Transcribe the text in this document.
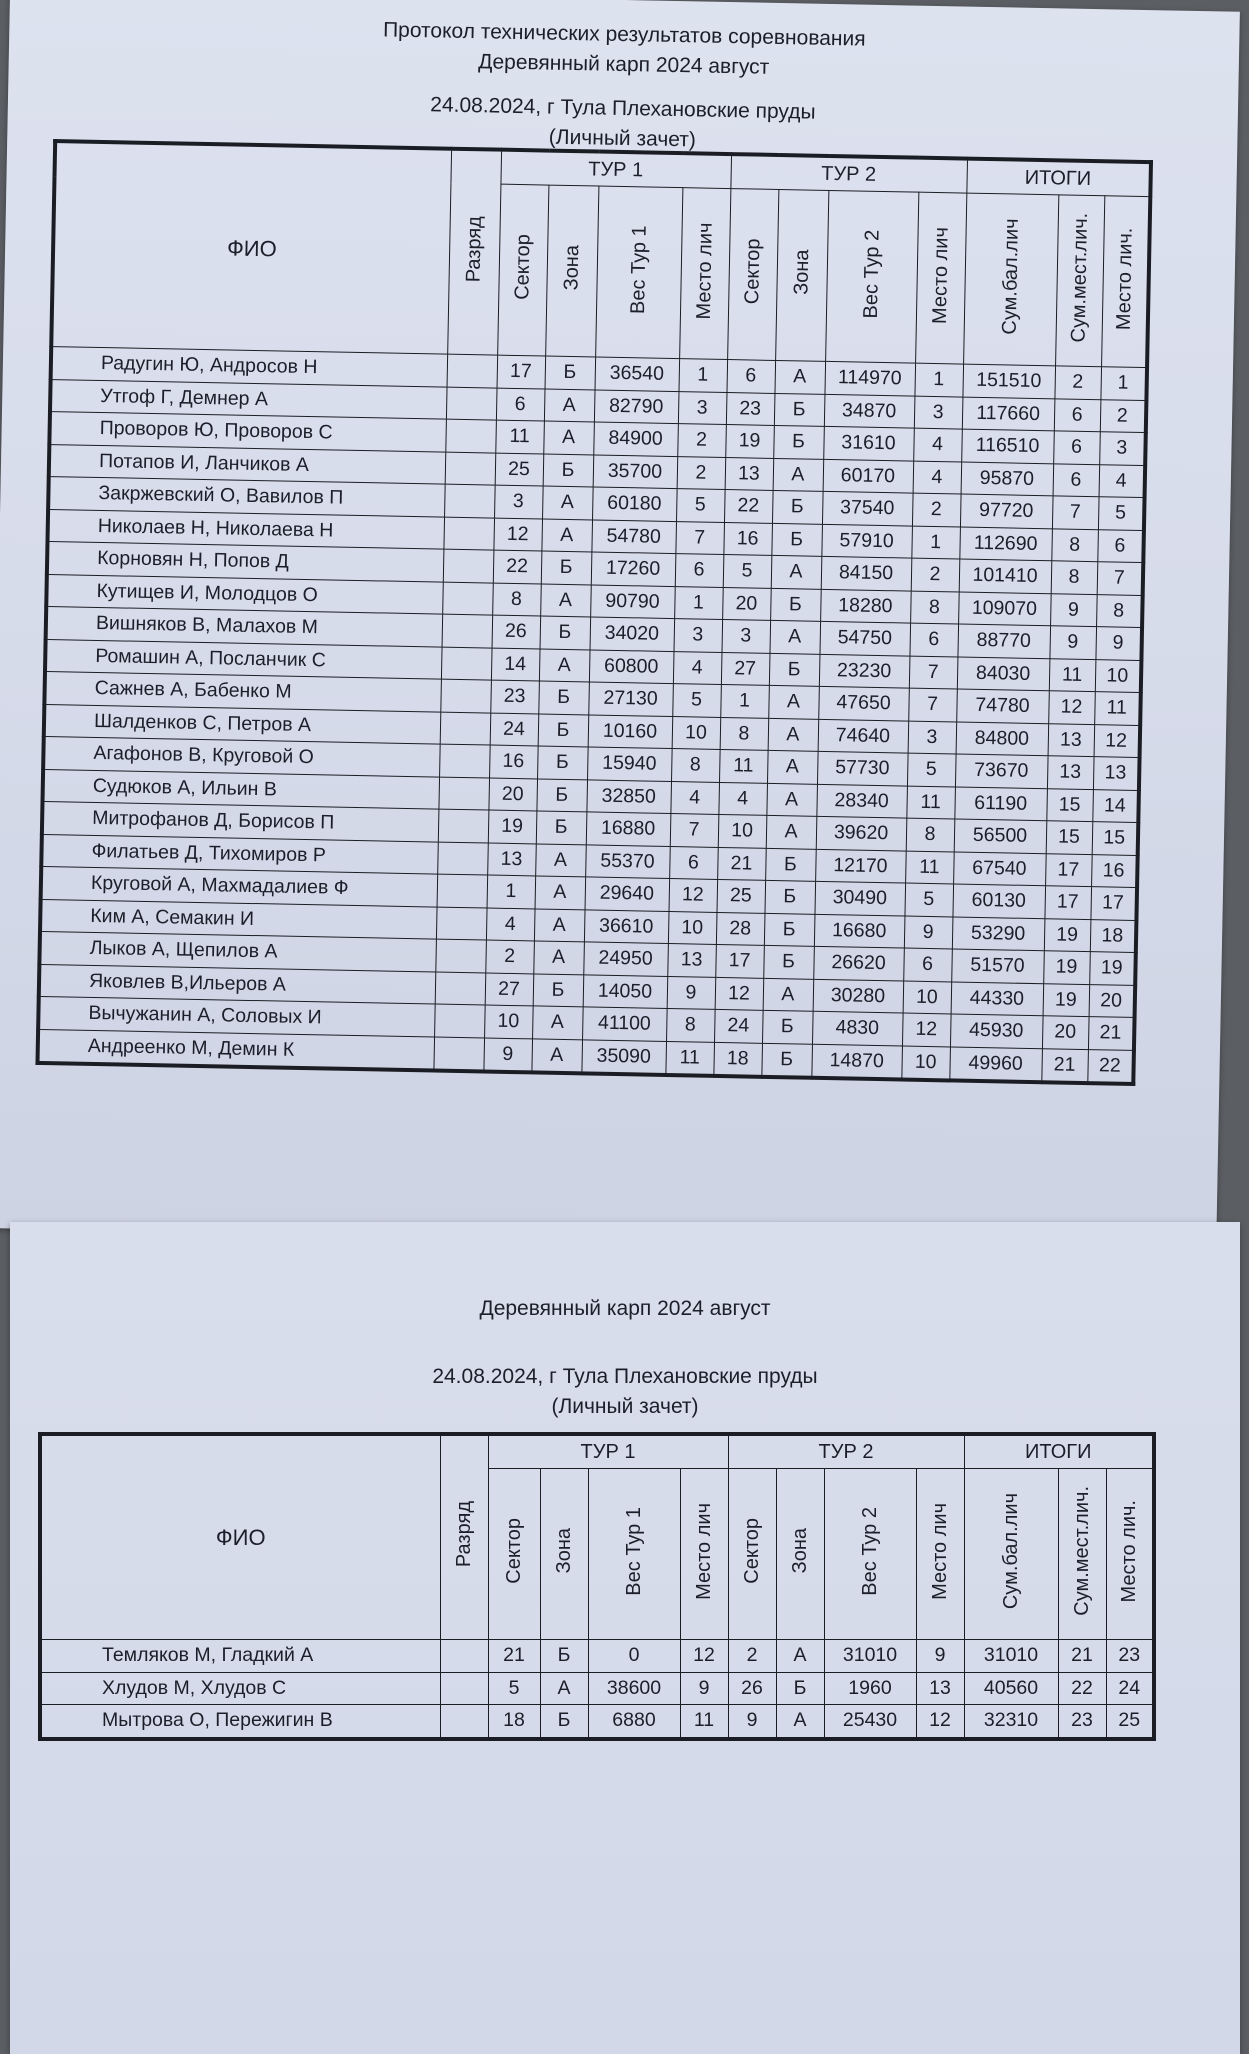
Протокол технических результатов соревнования
Деревянный карп 2024 август
24.08.2024, г Тула Плехановские пруды
(Личный зачет)
ФИО	Разряд	ТУР 1				ТУР 2				ИТОГИ		
		Сектор	Зона	Вес Тур 1	Место лич	Сектор	Зона	Вес Тур 2	Место лич	Сум.бал.лич	Сум.мест.лич.	Место лич.
Радугин Ю, Андросов Н		17	Б	36540	1	6	А	114970	1	151510	2	1
Утгоф Г, Демнер А		6	А	82790	3	23	Б	34870	3	117660	6	2
Проворов Ю, Проворов С		11	А	84900	2	19	Б	31610	4	116510	6	3
Потапов И, Ланчиков А		25	Б	35700	2	13	А	60170	4	95870	6	4
Закржевский О, Вавилов П		3	А	60180	5	22	Б	37540	2	97720	7	5
Николаев Н, Николаева Н		12	А	54780	7	16	Б	57910	1	112690	8	6
Корновян Н, Попов Д		22	Б	17260	6	5	А	84150	2	101410	8	7
Кутищев И, Молодцов О		8	А	90790	1	20	Б	18280	8	109070	9	8
Вишняков В, Малахов М		26	Б	34020	3	3	А	54750	6	88770	9	9
Ромашин А, Посланчик С		14	А	60800	4	27	Б	23230	7	84030	11	10
Сажнев А, Бабенко М		23	Б	27130	5	1	А	47650	7	74780	12	11
Шалденков С, Петров А		24	Б	10160	10	8	А	74640	3	84800	13	12
Агафонов В, Круговой О		16	Б	15940	8	11	А	57730	5	73670	13	13
Судюков А, Ильин В		20	Б	32850	4	4	А	28340	11	61190	15	14
Митрофанов Д, Борисов П		19	Б	16880	7	10	А	39620	8	56500	15	15
Филатьев Д, Тихомиров Р		13	А	55370	6	21	Б	12170	11	67540	17	16
Круговой А, Махмадалиев Ф		1	А	29640	12	25	Б	30490	5	60130	17	17
Ким А, Семакин И		4	А	36610	10	28	Б	16680	9	53290	19	18
Лыков А, Щепилов А		2	А	24950	13	17	Б	26620	6	51570	19	19
Яковлев В,Ильеров А		27	Б	14050	9	12	А	30280	10	44330	19	20
Вычужанин А, Соловых И		10	А	41100	8	24	Б	4830	12	45930	20	21
Андреенко М, Демин К		9	А	35090	11	18	Б	14870	10	49960	21	22
Деревянный карп 2024 август
24.08.2024, г Тула Плехановские пруды
(Личный зачет)
ФИО	Разряд	ТУР 1				ТУР 2				ИТОГИ		
		Сектор	Зона	Вес Тур 1	Место лич	Сектор	Зона	Вес Тур 2	Место лич	Сум.бал.лич	Сум.мест.лич.	Место лич.
Темляков М, Гладкий А		21	Б	0	12	2	А	31010	9	31010	21	23
Хлудов М, Хлудов С		5	А	38600	9	26	Б	1960	13	40560	22	24
Мытрова О, Пережигин В		18	Б	6880	11	9	А	25430	12	32310	23	25
